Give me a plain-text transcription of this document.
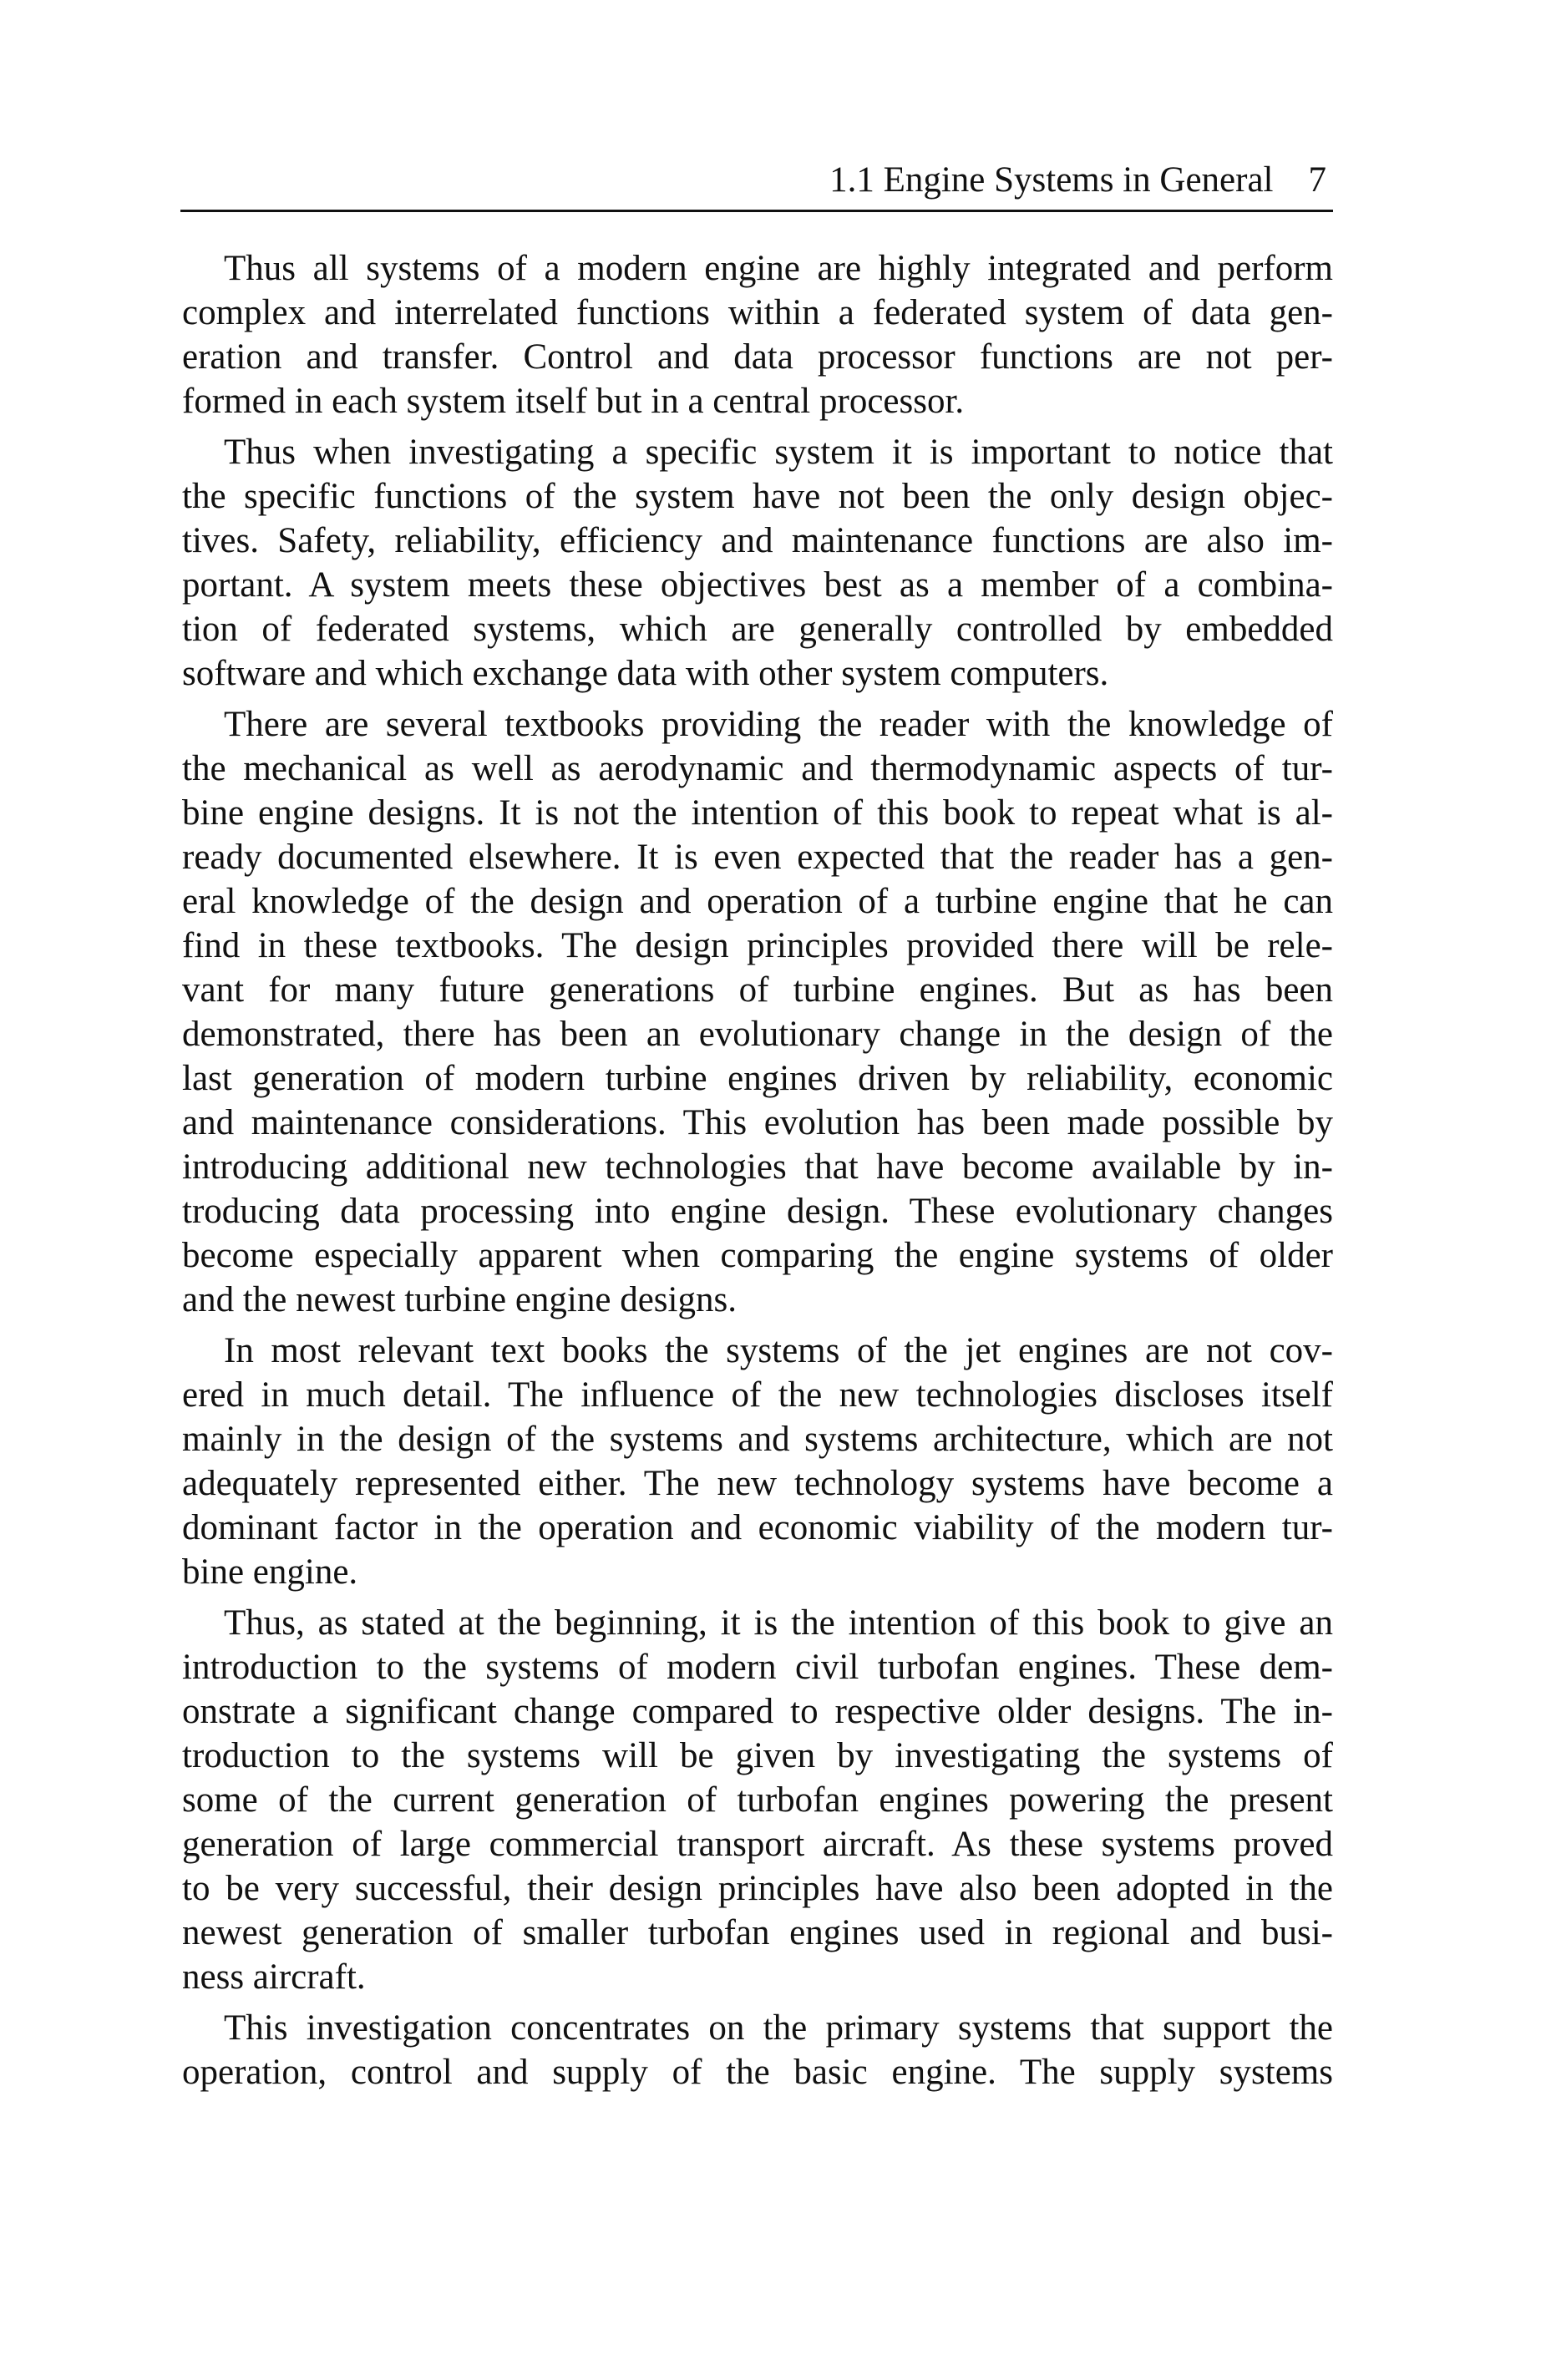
1.1 Engine Systems in General 7
Thus all systems of a modern engine are highly integrated and perform
complex and interrelated functions within a federated system of data gen-
eration and transfer. Control and data processor functions are not per-
formed in each system itself but in a central processor.
Thus when investigating a specific system it is important to notice that
the specific functions of the system have not been the only design objec-
tives. Safety, reliability, efficiency and maintenance functions are also im-
portant. A system meets these objectives best as a member of a combina-
tion of federated systems, which are generally controlled by embedded
software and which exchange data with other system computers.
There are several textbooks providing the reader with the knowledge of
the mechanical as well as aerodynamic and thermodynamic aspects of tur-
bine engine designs. It is not the intention of this book to repeat what is al-
ready documented elsewhere. It is even expected that the reader has a gen-
eral knowledge of the design and operation of a turbine engine that he can
find in these textbooks. The design principles provided there will be rele-
vant for many future generations of turbine engines. But as has been
demonstrated, there has been an evolutionary change in the design of the
last generation of modern turbine engines driven by reliability, economic
and maintenance considerations. This evolution has been made possible by
introducing additional new technologies that have become available by in-
troducing data processing into engine design. These evolutionary changes
become especially apparent when comparing the engine systems of older
and the newest turbine engine designs.
In most relevant text books the systems of the jet engines are not cov-
ered in much detail. The influence of the new technologies discloses itself
mainly in the design of the systems and systems architecture, which are not
adequately represented either. The new technology systems have become a
dominant factor in the operation and economic viability of the modern tur-
bine engine.
Thus, as stated at the beginning, it is the intention of this book to give an
introduction to the systems of modern civil turbofan engines. These dem-
onstrate a significant change compared to respective older designs. The in-
troduction to the systems will be given by investigating the systems of
some of the current generation of turbofan engines powering the present
generation of large commercial transport aircraft. As these systems proved
to be very successful, their design principles have also been adopted in the
newest generation of smaller turbofan engines used in regional and busi-
ness aircraft.
This investigation concentrates on the primary systems that support the
operation, control and supply of the basic engine. The supply systems
